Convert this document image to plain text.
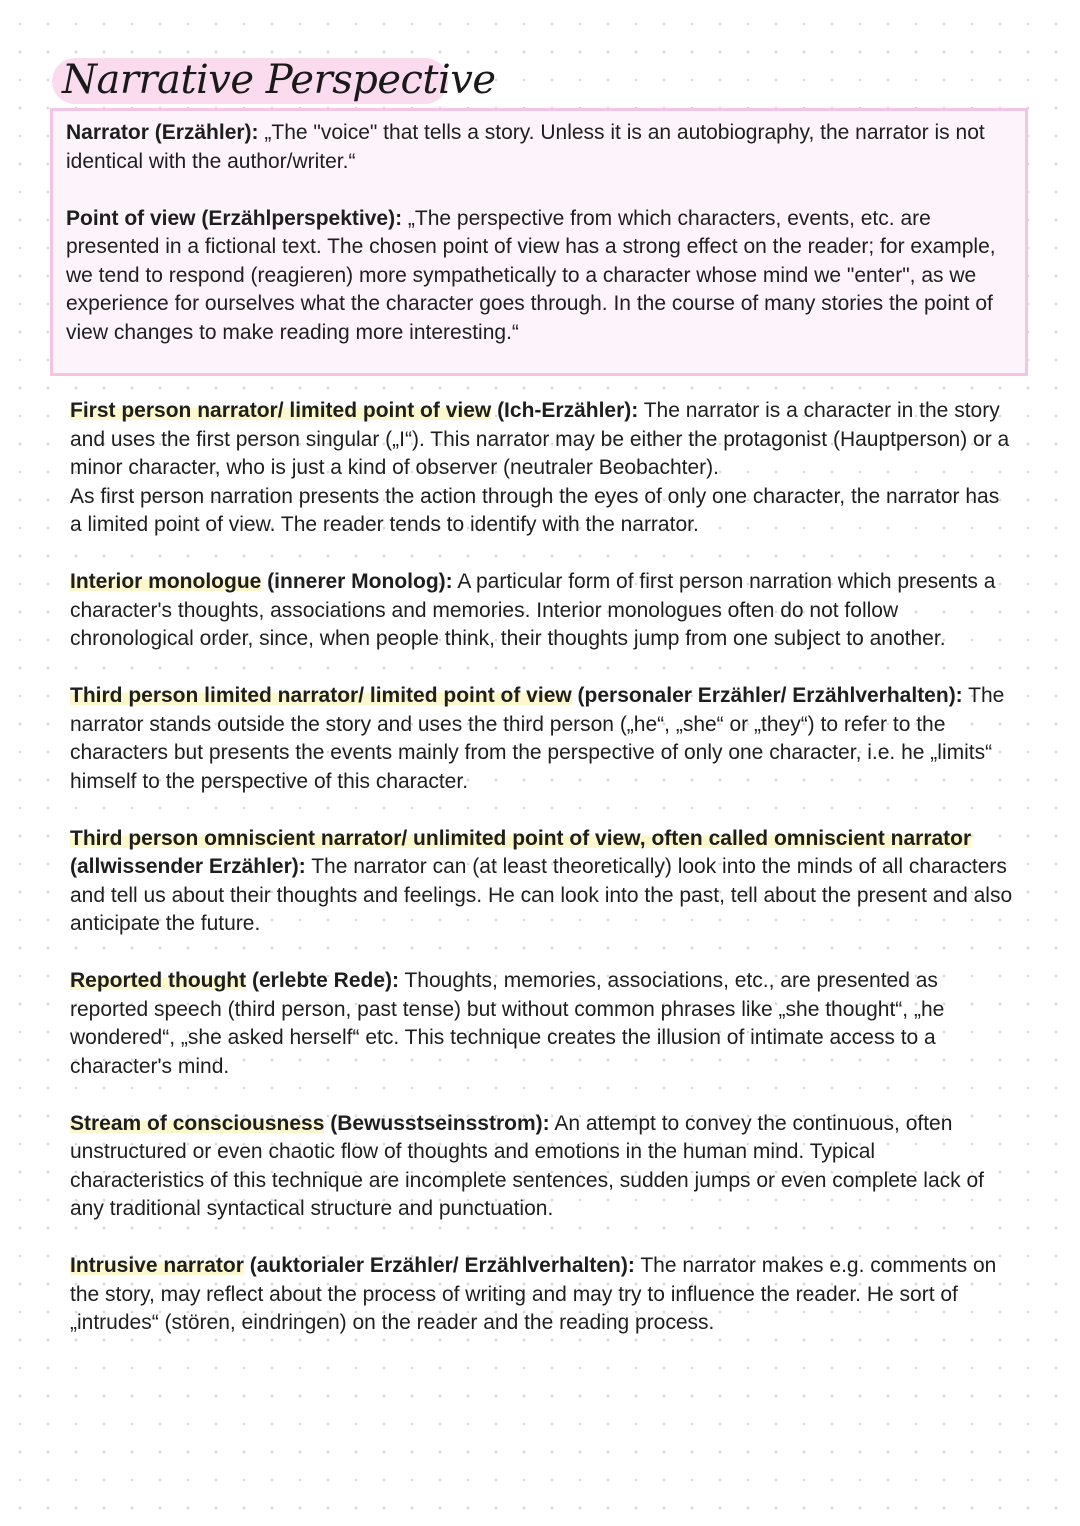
Narrative Perspective

Narrator (Erzähler): „The "voice" that tells a story. Unless it is an autobiography, the narrator is not identical with the author/writer.“

Point of view (Erzählperspektive): „The perspective from which characters, events, etc. are presented in a fictional text. The chosen point of view has a strong effect on the reader; for example, we tend to respond (reagieren) more sympathetically to a character whose mind we "enter", as we experience for ourselves what the character goes through. In the course of many stories the point of view changes to make reading more interesting.“

First person narrator/ limited point of view (Ich-Erzähler): The narrator is a character in the story and uses the first person singular („I“). This narrator may be either the protagonist (Hauptperson) or a minor character, who is just a kind of observer (neutraler Beobachter).

As first person narration presents the action through the eyes of only one character, the narrator has a limited point of view. The reader tends to identify with the narrator.

Interior monologue (innerer Monolog): A particular form of first person narration which presents a character's thoughts, associations and memories. Interior monologues often do not follow chronological order, since, when people think, their thoughts jump from one subject to another.

Third person limited narrator/ limited point of view (personaler Erzähler/ Erzählverhalten): The narrator stands outside the story and uses the third person („he“, „she“ or „they“) to refer to the characters but presents the events mainly from the perspective of only one character, i.e. he „limits“ himself to the perspective of this character.

Third person omniscient narrator/ unlimited point of view, often called omniscient narrator (allwissender Erzähler): The narrator can (at least theoretically) look into the minds of all characters and tell us about their thoughts and feelings. He can look into the past, tell about the present and also anticipate the future.

Reported thought (erlebte Rede): Thoughts, memories, associations, etc., are presented as reported speech (third person, past tense) but without common phrases like „she thought“, „he wondered“, „she asked herself“ etc. This technique creates the illusion of intimate access to a character's mind.

Stream of consciousness (Bewusstseinsstrom): An attempt to convey the continuous, often unstructured or even chaotic flow of thoughts and emotions in the human mind. Typical characteristics of this technique are incomplete sentences, sudden jumps or even complete lack of any traditional syntactical structure and punctuation.

Intrusive narrator (auktorialer Erzähler/ Erzählverhalten): The narrator makes e.g. comments on the story, may reflect about the process of writing and may try to influence the reader. He sort of „intrudes“ (stören, eindringen) on the reader and the reading process.
